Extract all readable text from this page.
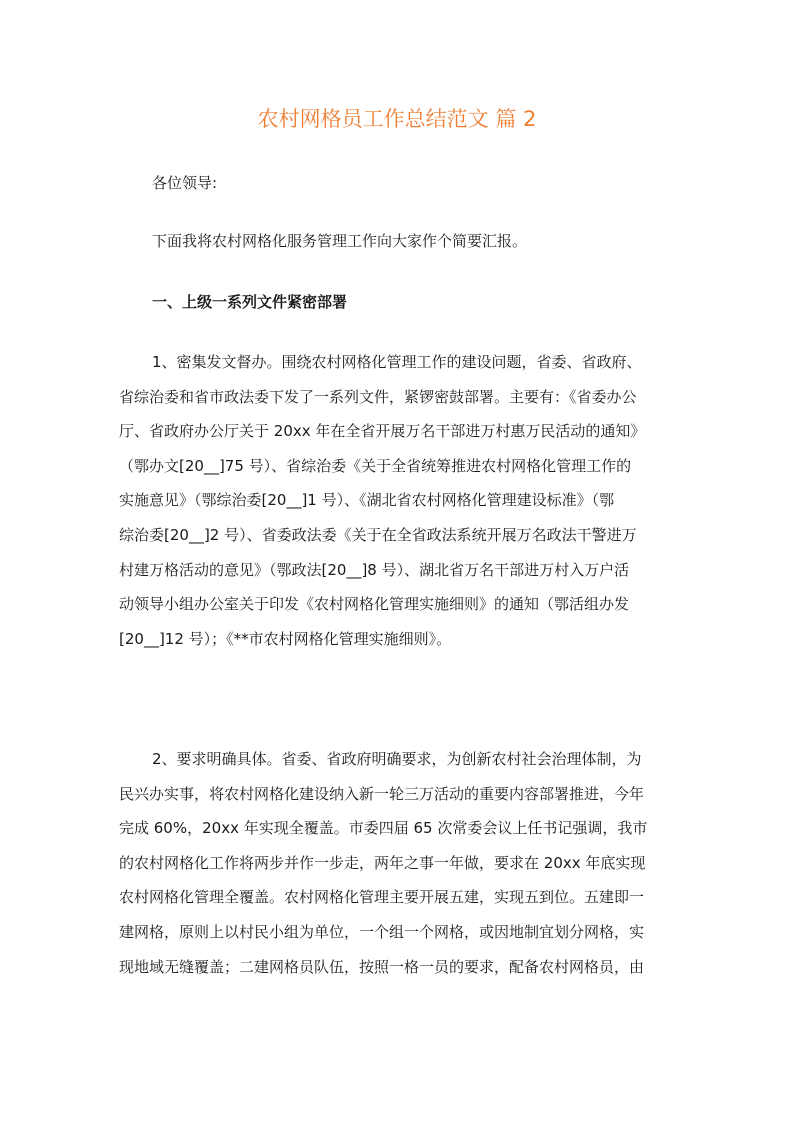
农村网格员工作总结范文 篇 2
各位领导:
下面我将农村网格化服务管理工作向大家作个简要汇报。
一、上级一系列文件紧密部署
1、密集发文督办。围绕农村网格化管理工作的建设问题，省委、省政府、
省综治委和省市政法委下发了一系列文件，紧锣密鼓部署。主要有：《省委办公
厅、省政府办公厅关于 20xx 年在全省开展万名干部进万村惠万民活动的通知》
（鄂办文[20__]75 号）、省综治委《关于全省统筹推进农村网格化管理工作的
实施意见》（鄂综治委[20__]1 号）、《湖北省农村网格化管理建设标准》（鄂
综治委[20__]2 号）、省委政法委《关于在全省政法系统开展万名政法干警进万
村建万格活动的意见》（鄂政法[20__]8 号）、湖北省万名干部进万村入万户活
动领导小组办公室关于印发《农村网格化管理实施细则》的通知（鄂活组办发
[20__]12 号）；《**市农村网格化管理实施细则》。
2、要求明确具体。省委、省政府明确要求，为创新农村社会治理体制，为
民兴办实事，将农村网格化建设纳入新一轮三万活动的重要内容部署推进，今年
完成 60%，20xx 年实现全覆盖。市委四届 65 次常委会议上任书记强调，我市
的农村网格化工作将两步并作一步走，两年之事一年做，要求在 20xx 年底实现
农村网格化管理全覆盖。农村网格化管理主要开展五建，实现五到位。五建即一
建网格，原则上以村民小组为单位，一个组一个网格，或因地制宜划分网格，实
现地域无缝覆盖；二建网格员队伍，按照一格一员的要求，配备农村网格员，由
